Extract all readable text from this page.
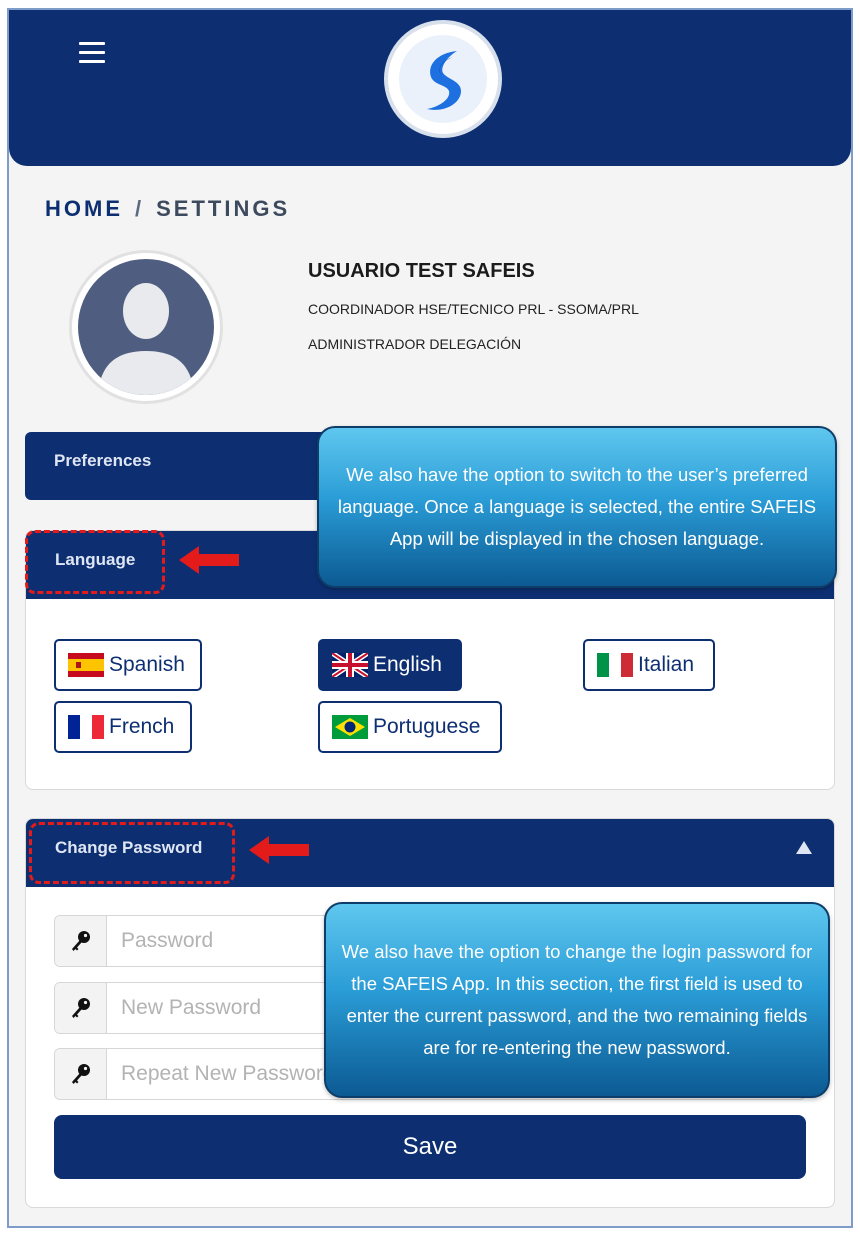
HOME / SETTINGS
USUARIO TEST SAFEIS
COORDINADOR HSE/TECNICO PRL - SSOMA/PRL
ADMINISTRADOR DELEGACIÓN
Preferences
Language
Spanish	English	Italian
French	Portuguese
Change Password
Save
We also have the option to switch to the user’s preferred language. Once a language is selected, the entire SAFEIS App will be displayed in the chosen language.
We also have the option to change the login password for the SAFEIS App. In this section, the first field is used to enter the current password, and the two remaining fields are for re-entering the new password.
